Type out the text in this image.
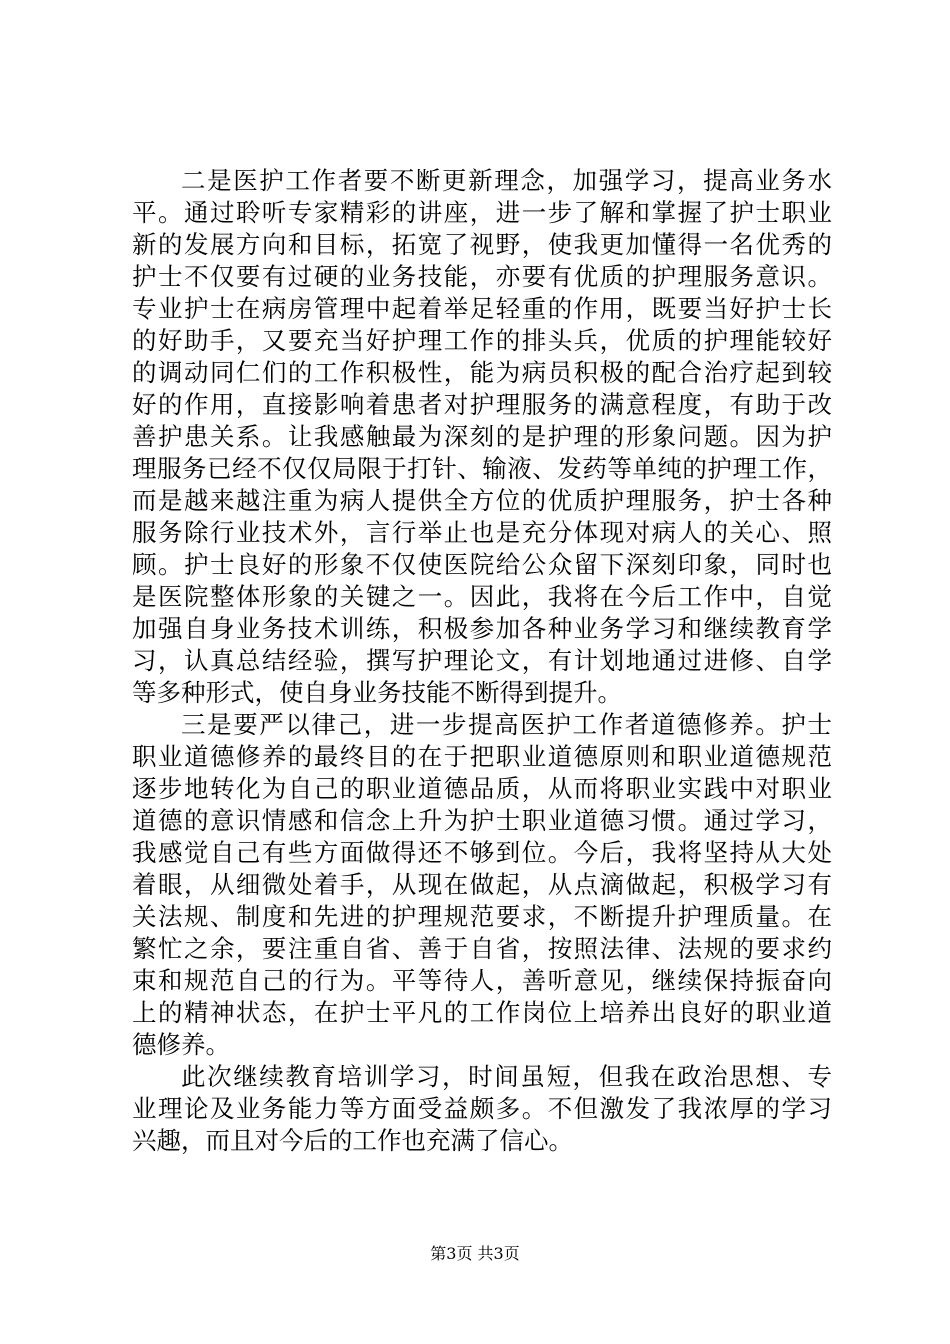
二是医护工作者要不断更新理念，加强学习，提高业务水
平。通过聆听专家精彩的讲座，进一步了解和掌握了护士职业
新的发展方向和目标，拓宽了视野，使我更加懂得一名优秀的
护士不仅要有过硬的业务技能，亦要有优质的护理服务意识。
专业护士在病房管理中起着举足轻重的作用，既要当好护士长
的好助手，又要充当好护理工作的排头兵，优质的护理能较好
的调动同仁们的工作积极性，能为病员积极的配合治疗起到较
好的作用，直接影响着患者对护理服务的满意程度，有助于改
善护患关系。让我感触最为深刻的是护理的形象问题。因为护
理服务已经不仅仅局限于打针、输液、发药等单纯的护理工作，
而是越来越注重为病人提供全方位的优质护理服务，护士各种
服务除行业技术外，言行举止也是充分体现对病人的关心、照
顾。护士良好的形象不仅使医院给公众留下深刻印象，同时也
是医院整体形象的关键之一。因此，我将在今后工作中，自觉
加强自身业务技术训练，积极参加各种业务学习和继续教育学
习，认真总结经验，撰写护理论文，有计划地通过进修、自学
等多种形式，使自身业务技能不断得到提升。
三是要严以律己，进一步提高医护工作者道德修养。护士
职业道德修养的最终目的在于把职业道德原则和职业道德规范
逐步地转化为自己的职业道德品质，从而将职业实践中对职业
道德的意识情感和信念上升为护士职业道德习惯。通过学习，
我感觉自己有些方面做得还不够到位。今后，我将坚持从大处
着眼，从细微处着手，从现在做起，从点滴做起，积极学习有
关法规、制度和先进的护理规范要求，不断提升护理质量。在
繁忙之余，要注重自省、善于自省，按照法律、法规的要求约
束和规范自己的行为。平等待人，善听意见，继续保持振奋向
上的精神状态，在护士平凡的工作岗位上培养出良好的职业道
德修养。
此次继续教育培训学习，时间虽短，但我在政治思想、专
业理论及业务能力等方面受益颇多。不但激发了我浓厚的学习
兴趣，而且对今后的工作也充满了信心。
第3页 共3页
